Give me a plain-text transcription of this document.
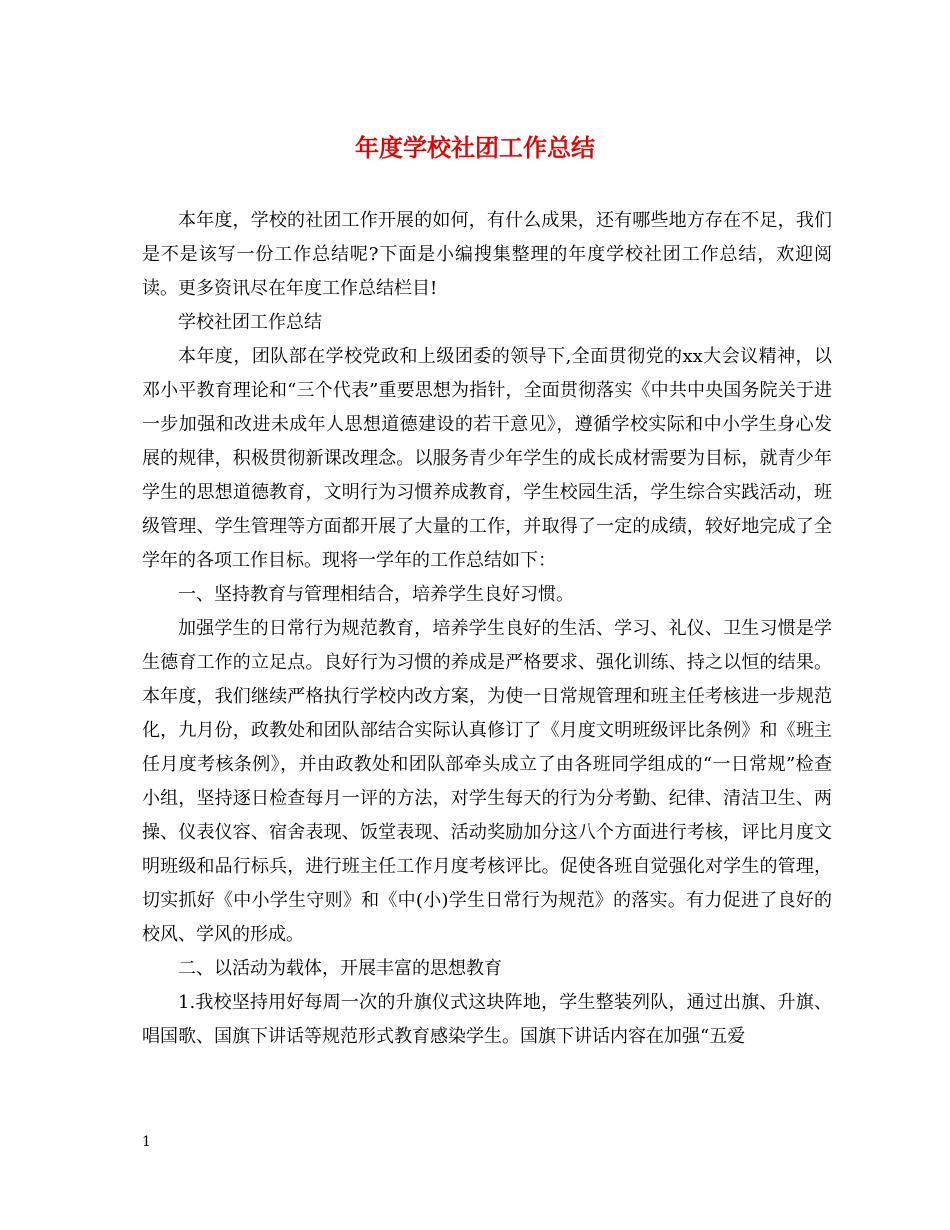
年度学校社团工作总结

本年度，学校的社团工作开展的如何，有什么成果，还有哪些地方存在不足，我们是不是该写一份工作总结呢?下面是小编搜集整理的年度学校社团工作总结，欢迎阅读。更多资讯尽在年度工作总结栏目!

学校社团工作总结

本年度，团队部在学校党政和上级团委的领导下,全面贯彻党的xx大会议精神，以邓小平教育理论和“三个代表”重要思想为指针，全面贯彻落实《中共中央国务院关于进一步加强和改进未成年人思想道德建设的若干意见》，遵循学校实际和中小学生身心发展的规律，积极贯彻新课改理念。以服务青少年学生的成长成材需要为目标，就青少年学生的思想道德教育，文明行为习惯养成教育，学生校园生活，学生综合实践活动，班级管理、学生管理等方面都开展了大量的工作，并取得了一定的成绩，较好地完成了全学年的各项工作目标。现将一学年的工作总结如下：

一、坚持教育与管理相结合，培养学生良好习惯。

加强学生的日常行为规范教育，培养学生良好的生活、学习、礼仪、卫生习惯是学生德育工作的立足点。良好行为习惯的养成是严格要求、强化训练、持之以恒的结果。本年度，我们继续严格执行学校内改方案，为使一日常规管理和班主任考核进一步规范化，九月份，政教处和团队部结合实际认真修订了《月度文明班级评比条例》和《班主任月度考核条例》，并由政教处和团队部牵头成立了由各班同学组成的“一日常规”检查小组，坚持逐日检查每月一评的方法，对学生每天的行为分考勤、纪律、清洁卫生、两操、仪表仪容、宿舍表现、饭堂表现、活动奖励加分这八个方面进行考核，评比月度文明班级和品行标兵，进行班主任工作月度考核评比。促使各班自觉强化对学生的管理，切实抓好《中小学生守则》和《中(小)学生日常行为规范》的落实。有力促进了良好的校风、学风的形成。

二、以活动为载体，开展丰富的思想教育

1.我校坚持用好每周一次的升旗仪式这块阵地，学生整装列队，通过出旗、升旗、唱国歌、国旗下讲话等规范形式教育感染学生。国旗下讲话内容在加强“五爱

1
